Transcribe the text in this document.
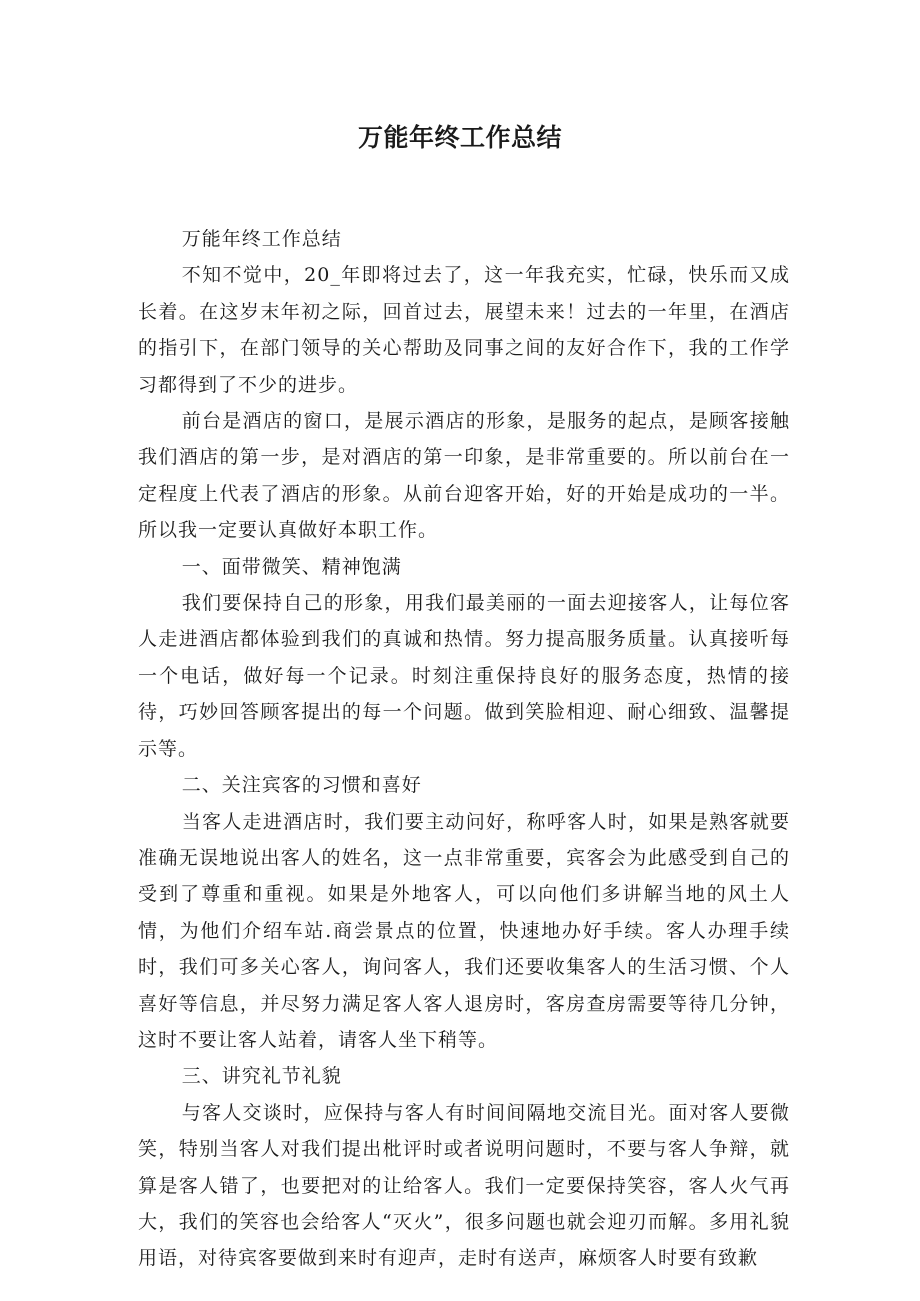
万能年终工作总结

万能年终工作总结

不知不觉中，20_年即将过去了，这一年我充实，忙碌，快乐而又成长着。在这岁末年初之际，回首过去，展望未来！过去的一年里，在酒店的指引下，在部门领导的关心帮助及同事之间的友好合作下，我的工作学习都得到了不少的进步。

前台是酒店的窗口，是展示酒店的形象，是服务的起点，是顾客接触我们酒店的第一步，是对酒店的第一印象，是非常重要的。所以前台在一定程度上代表了酒店的形象。从前台迎客开始，好的开始是成功的一半。所以我一定要认真做好本职工作。

一、面带微笑、精神饱满

我们要保持自己的形象，用我们最美丽的一面去迎接客人，让每位客人走进酒店都体验到我们的真诚和热情。努力提高服务质量。认真接听每一个电话，做好每一个记录。时刻注重保持良好的服务态度，热情的接待，巧妙回答顾客提出的每一个问题。做到笑脸相迎、耐心细致、温馨提示等。

二、关注宾客的习惯和喜好

当客人走进酒店时，我们要主动问好，称呼客人时，如果是熟客就要准确无误地说出客人的姓名，这一点非常重要，宾客会为此感受到自己的受到了尊重和重视。如果是外地客人，可以向他们多讲解当地的风土人情，为他们介绍车站.商尝景点的位置，快速地办好手续。客人办理手续时，我们可多关心客人，询问客人，我们还要收集客人的生活习惯、个人喜好等信息，并尽努力满足客人客人退房时，客房查房需要等待几分钟，这时不要让客人站着，请客人坐下稍等。

三、讲究礼节礼貌

与客人交谈时，应保持与客人有时间间隔地交流目光。面对客人要微笑，特别当客人对我们提出枇评时或者说明问题时，不要与客人争辩，就算是客人错了，也要把对的让给客人。我们一定要保持笑容，客人火气再大，我们的笑容也会给客人“灭火”，很多问题也就会迎刃而解。多用礼貌用语，对待宾客要做到来时有迎声，走时有送声，麻烦客人时要有致歉
